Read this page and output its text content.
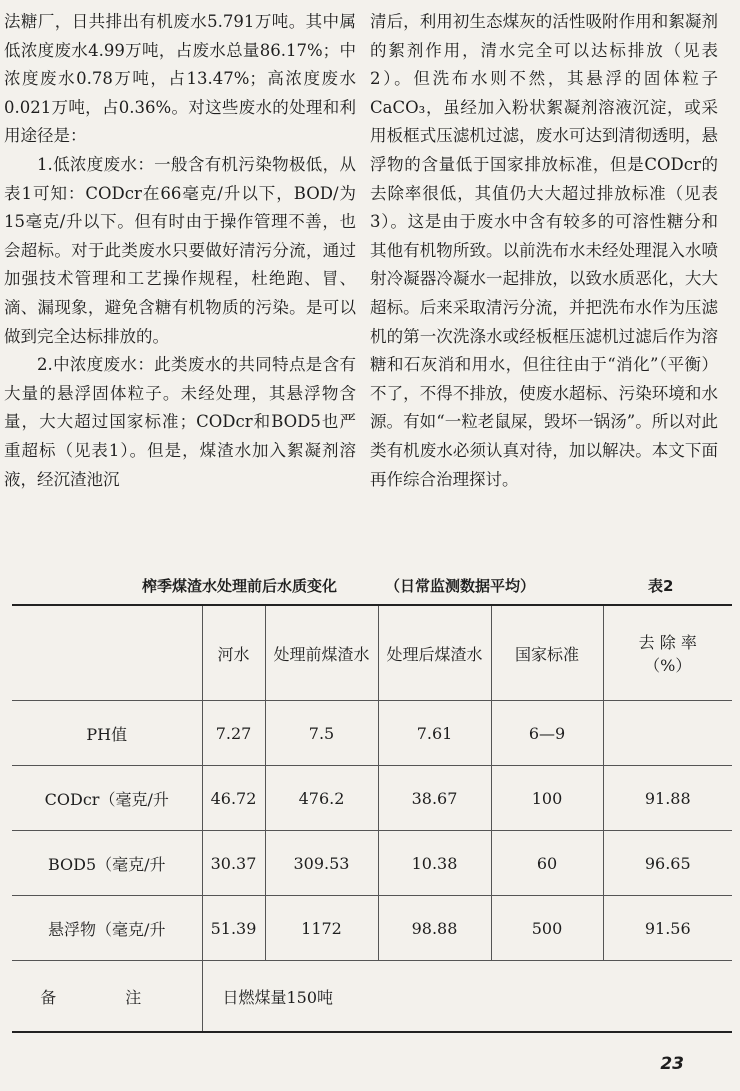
法糖厂，日共排出有机废水5.791万吨。其中属低浓度废水4.99万吨，占废水总量86.17%；中浓度废水0.78万吨，占13.47%；高浓度废水0.021万吨，占0.36%。对这些废水的处理和利用途径是：

1.低浓度废水：一般含有机污染物极低，从表1可知：CODcr在66毫克/升以下，BOD/为15毫克/升以下。但有时由于操作管理不善，也会超标。对于此类废水只要做好清污分流，通过加强技术管理和工艺操作规程，杜绝跑、冒、滴、漏现象，避免含糖有机物质的污染。是可以做到完全达标排放的。

2.中浓度废水：此类废水的共同特点是含有大量的悬浮固体粒子。未经处理，其悬浮物含量，大大超过国家标准；CODcr和BOD5也严重超标（见表1）。但是，煤渣水加入絮凝剂溶液，经沉渣池沉

清后，利用初生态煤灰的活性吸附作用和絮凝剂的絮剂作用，清水完全可以达标排放（见表2）。但洗布水则不然，其悬浮的固体粒子CaCO₃，虽经加入粉状絮凝剂溶液沉淀，或采用板框式压滤机过滤，废水可达到清彻透明，悬浮物的含量低于国家排放标准，但是CODcr的去除率很低，其值仍大大超过排放标准（见表3）。这是由于废水中含有较多的可溶性糖分和其他有机物所致。以前洗布水未经处理混入水喷射冷凝器冷凝水一起排放，以致水质恶化，大大超标。后来采取清污分流，并把洗布水作为压滤机的第一次洗涤水或经板框压滤机过滤后作为溶糖和石灰消和用水，但往往由于“消化”（平衡）不了，不得不排放，使废水超标、污染环境和水源。有如“一粒老鼠屎，毁坏一锅汤”。所以对此类有机废水必须认真对待，加以解决。本文下面再作综合治理探讨。

榨季煤渣水处理前后水质变化	（日常监测数据平均）	表2
	河水	处理前煤渣水	处理后煤渣水	国家标准	去 除 率
（%）
PH值	7.27	7.5	7.61	6—9	
CODcr（毫克/升	46.72	476.2	38.67	100	91.88
BOD5（毫克/升	30.37	309.53	10.38	60	96.65
悬浮物（毫克/升	51.39	1172	98.88	500	91.56
备 注	日燃煤量150吨				
23
